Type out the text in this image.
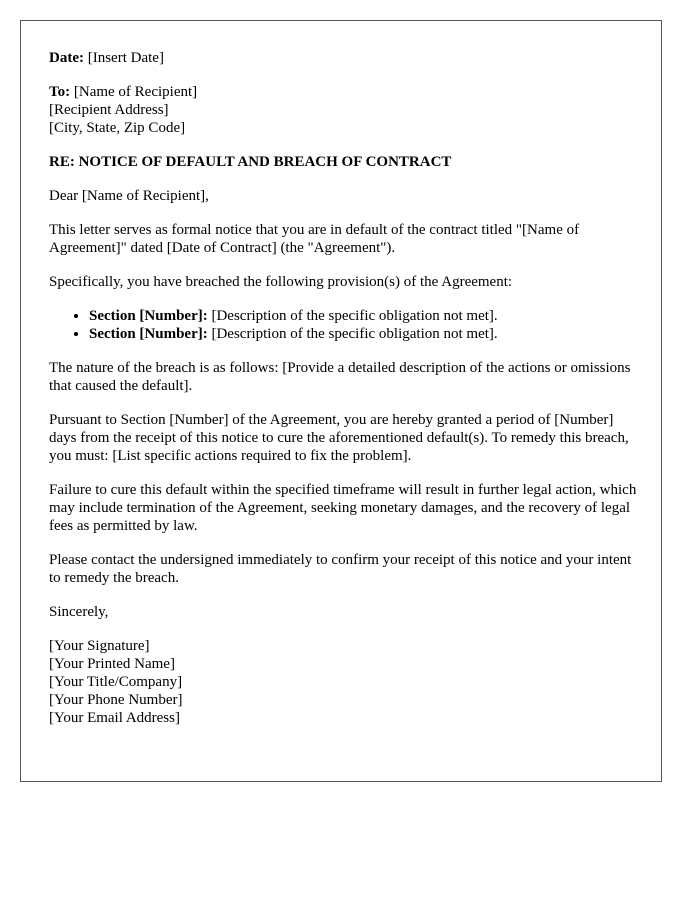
Date: [Insert Date]

To: [Name of Recipient]
[Recipient Address]
[City, State, Zip Code]

RE: NOTICE OF DEFAULT AND BREACH OF CONTRACT

Dear [Name of Recipient],

This letter serves as formal notice that you are in default of the contract titled "[Name of Agreement]" dated [Date of Contract] (the "Agreement").

Specifically, you have breached the following provision(s) of the Agreement:

• Section [Number]: [Description of the specific obligation not met].
• Section [Number]: [Description of the specific obligation not met].

The nature of the breach is as follows: [Provide a detailed description of the actions or omissions that caused the default].

Pursuant to Section [Number] of the Agreement, you are hereby granted a period of [Number] days from the receipt of this notice to cure the aforementioned default(s). To remedy this breach, you must: [List specific actions required to fix the problem].

Failure to cure this default within the specified timeframe will result in further legal action, which may include termination of the Agreement, seeking monetary damages, and the recovery of legal fees as permitted by law.

Please contact the undersigned immediately to confirm your receipt of this notice and your intent to remedy the breach.

Sincerely,

[Your Signature]
[Your Printed Name]
[Your Title/Company]
[Your Phone Number]
[Your Email Address]
